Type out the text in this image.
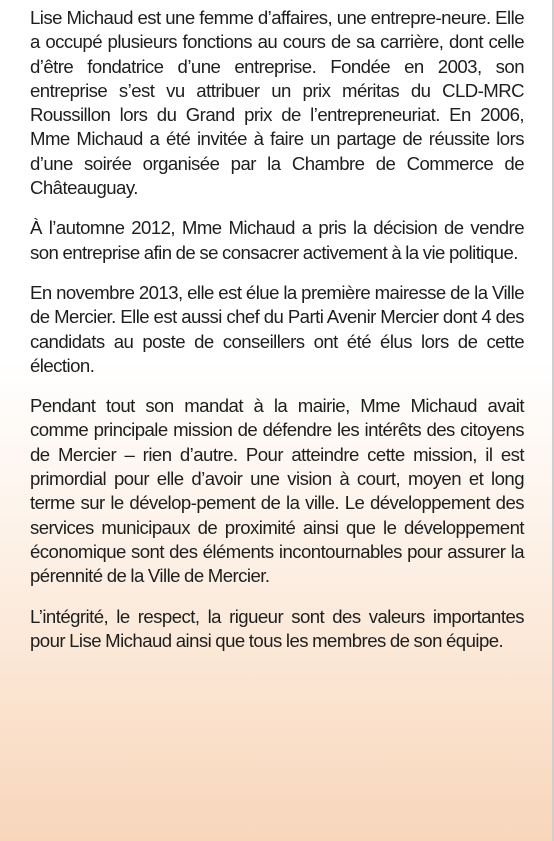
Lise Michaud est une femme d’affaires, une entrepre-neure. Elle a occupé plusieurs fonctions au cours de sa carrière, dont celle d’être fondatrice d’une entreprise. Fondée en 2003, son entreprise s’est vu attribuer un prix méritas du CLD-MRC Roussillon lors du Grand prix de l’entrepreneuriat. En 2006, Mme Michaud a été invitée à faire un partage de réussite lors d’une soirée organisée par la Chambre de Commerce de Châteauguay.

À l’automne 2012, Mme Michaud a pris la décision de vendre son entreprise afin de se consacrer activement à la vie politique.

En novembre 2013, elle est élue la première mairesse de la Ville de Mercier. Elle est aussi chef du Parti Avenir Mercier dont 4 des candidats au poste de conseillers ont été élus lors de cette élection.

Pendant tout son mandat à la mairie, Mme Michaud avait comme principale mission de défendre les intérêts des citoyens de Mercier – rien d’autre. Pour atteindre cette mission, il est primordial pour elle d’avoir une vision à court, moyen et long terme sur le dévelop-pement de la ville. Le développement des services municipaux de proximité ainsi que le développement économique sont des éléments incontournables pour assurer la pérennité de la Ville de Mercier.

L’intégrité, le respect, la rigueur sont des valeurs importantes pour Lise Michaud ainsi que tous les membres de son équipe.
